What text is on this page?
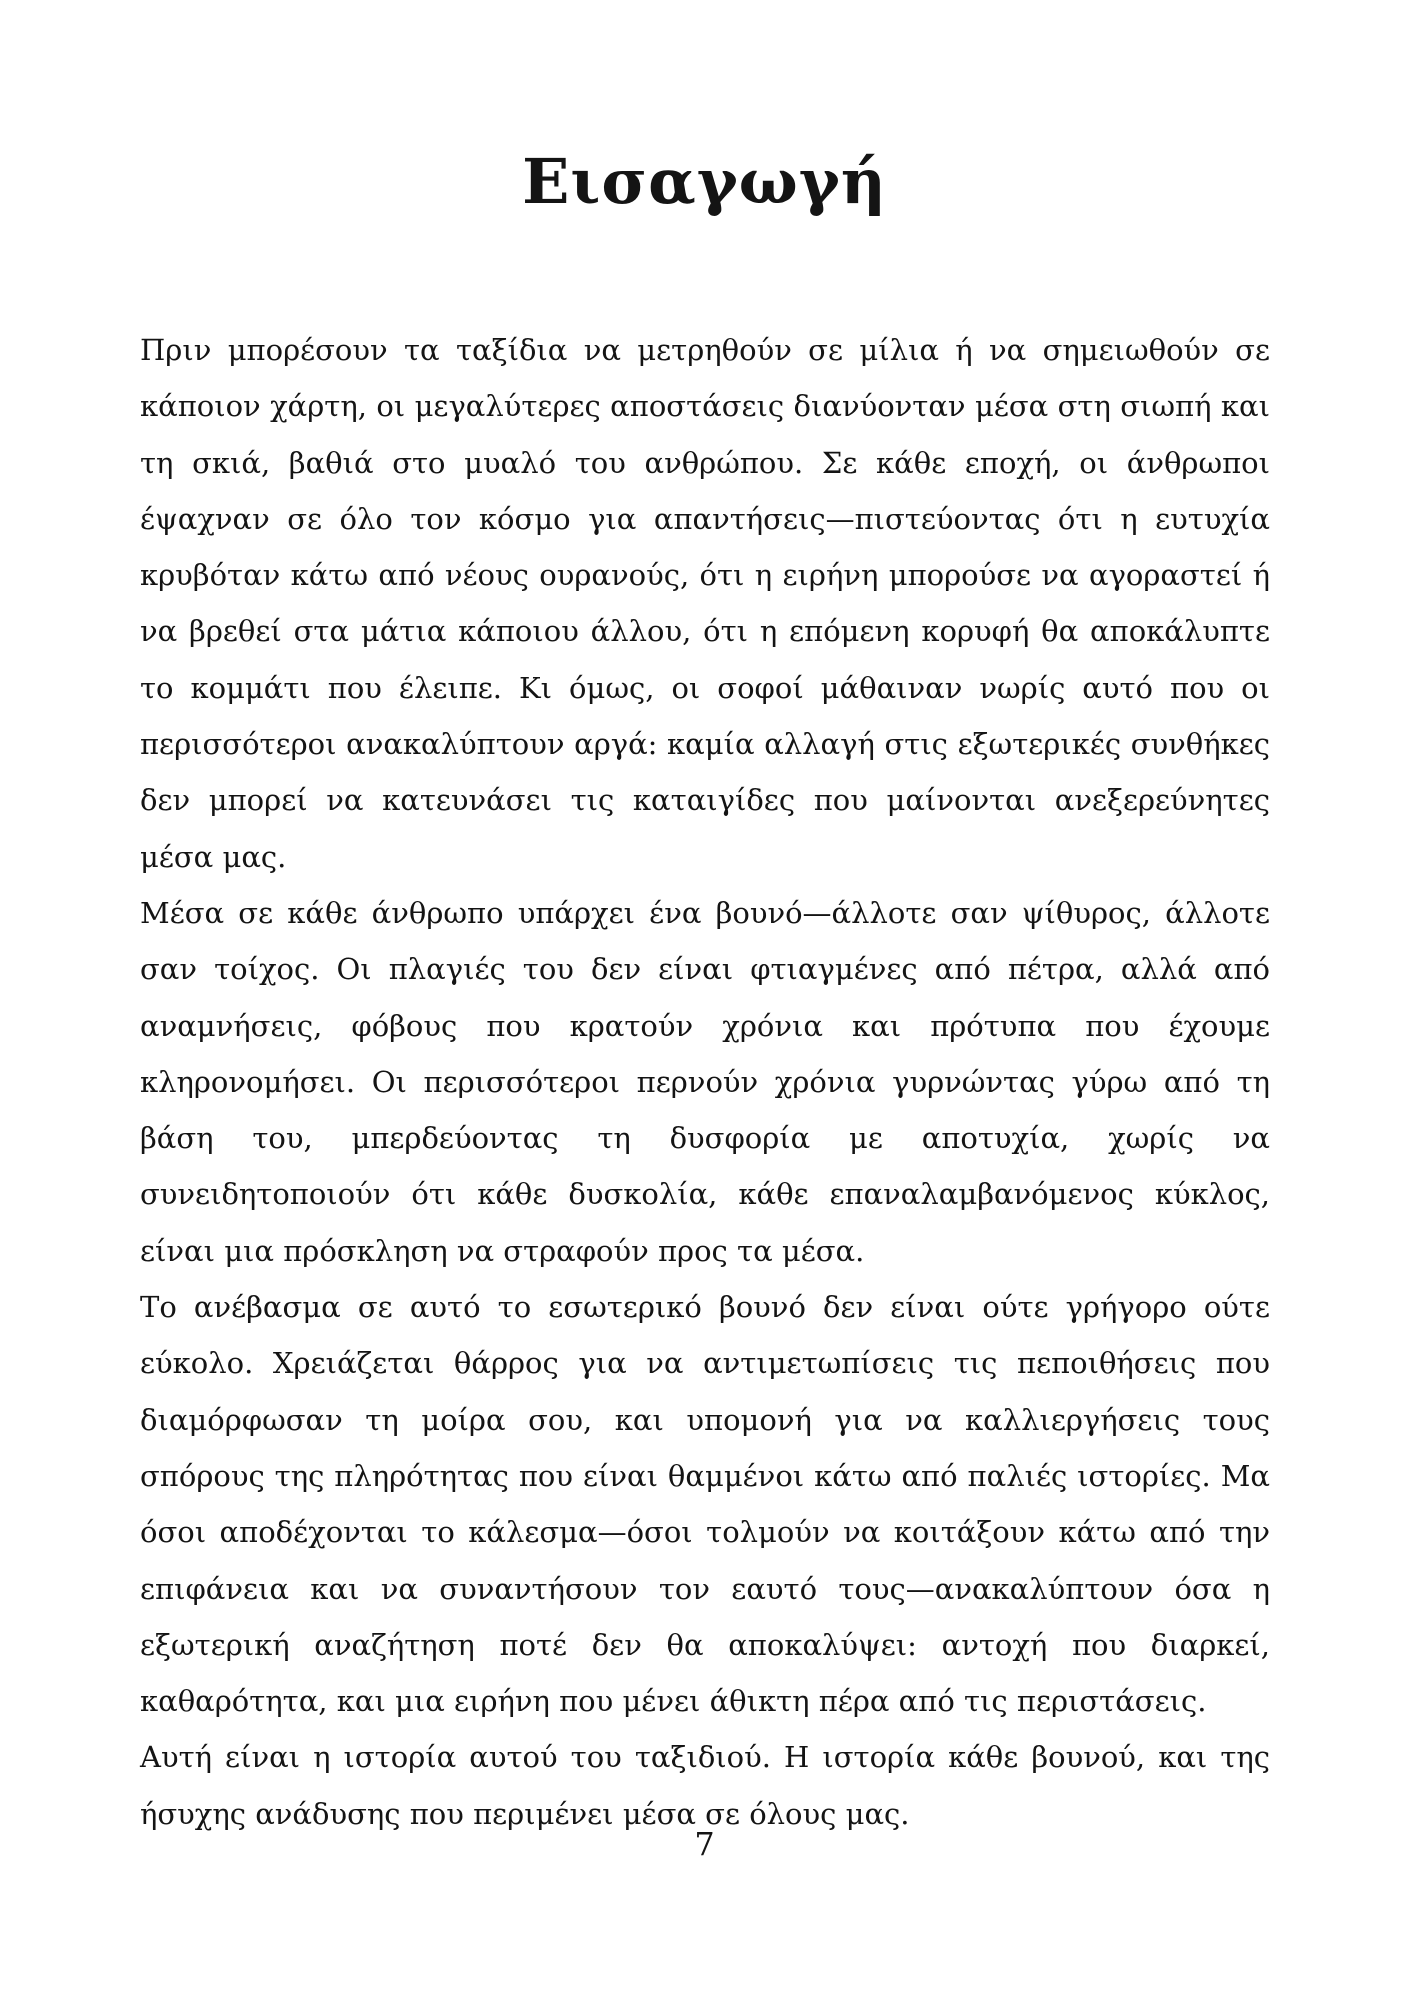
Εισαγωγή

Πριν μπορέσουν τα ταξίδια να μετρηθούν σε μίλια ή να σημειωθούν σε κάποιον χάρτη, οι μεγαλύτερες αποστάσεις διανύονταν μέσα στη σιωπή και τη σκιά, βαθιά στο μυαλό του ανθρώπου. Σε κάθε εποχή, οι άνθρωποι έψαχναν σε όλο τον κόσμο για απαντήσεις—πιστεύοντας ότι η ευτυχία κρυβόταν κάτω από νέους ουρανούς, ότι η ειρήνη μπορούσε να αγοραστεί ή να βρεθεί στα μάτια κάποιου άλλου, ότι η επόμενη κορυφή θα αποκάλυπτε το κομμάτι που έλειπε. Κι όμως, οι σοφοί μάθαιναν νωρίς αυτό που οι περισσότεροι ανακαλύπτουν αργά: καμία αλλαγή στις εξωτερικές συνθήκες δεν μπορεί να κατευνάσει τις καταιγίδες που μαίνονται ανεξερεύνητες μέσα μας.

Μέσα σε κάθε άνθρωπο υπάρχει ένα βουνό—άλλοτε σαν ψίθυρος, άλλοτε σαν τοίχος. Οι πλαγιές του δεν είναι φτιαγμένες από πέτρα, αλλά από αναμνήσεις, φόβους που κρατούν χρόνια και πρότυπα που έχουμε κληρονομήσει. Οι περισσότεροι περνούν χρόνια γυρνώντας γύρω από τη βάση του, μπερδεύοντας τη δυσφορία με αποτυχία, χωρίς να συνειδητοποιούν ότι κάθε δυσκολία, κάθε επαναλαμβανόμενος κύκλος, είναι μια πρόσκληση να στραφούν προς τα μέσα.

Το ανέβασμα σε αυτό το εσωτερικό βουνό δεν είναι ούτε γρήγορο ούτε εύκολο. Χρειάζεται θάρρος για να αντιμετωπίσεις τις πεποιθήσεις που διαμόρφωσαν τη μοίρα σου, και υπομονή για να καλλιεργήσεις τους σπόρους της πληρότητας που είναι θαμμένοι κάτω από παλιές ιστορίες. Μα όσοι αποδέχονται το κάλεσμα—όσοι τολμούν να κοιτάξουν κάτω από την επιφάνεια και να συναντήσουν τον εαυτό τους—ανακαλύπτουν όσα η εξωτερική αναζήτηση ποτέ δεν θα αποκαλύψει: αντοχή που διαρκεί, καθαρότητα, και μια ειρήνη που μένει άθικτη πέρα από τις περιστάσεις.

Αυτή είναι η ιστορία αυτού του ταξιδιού. Η ιστορία κάθε βουνού, και της ήσυχης ανάδυσης που περιμένει μέσα σε όλους μας.

7
